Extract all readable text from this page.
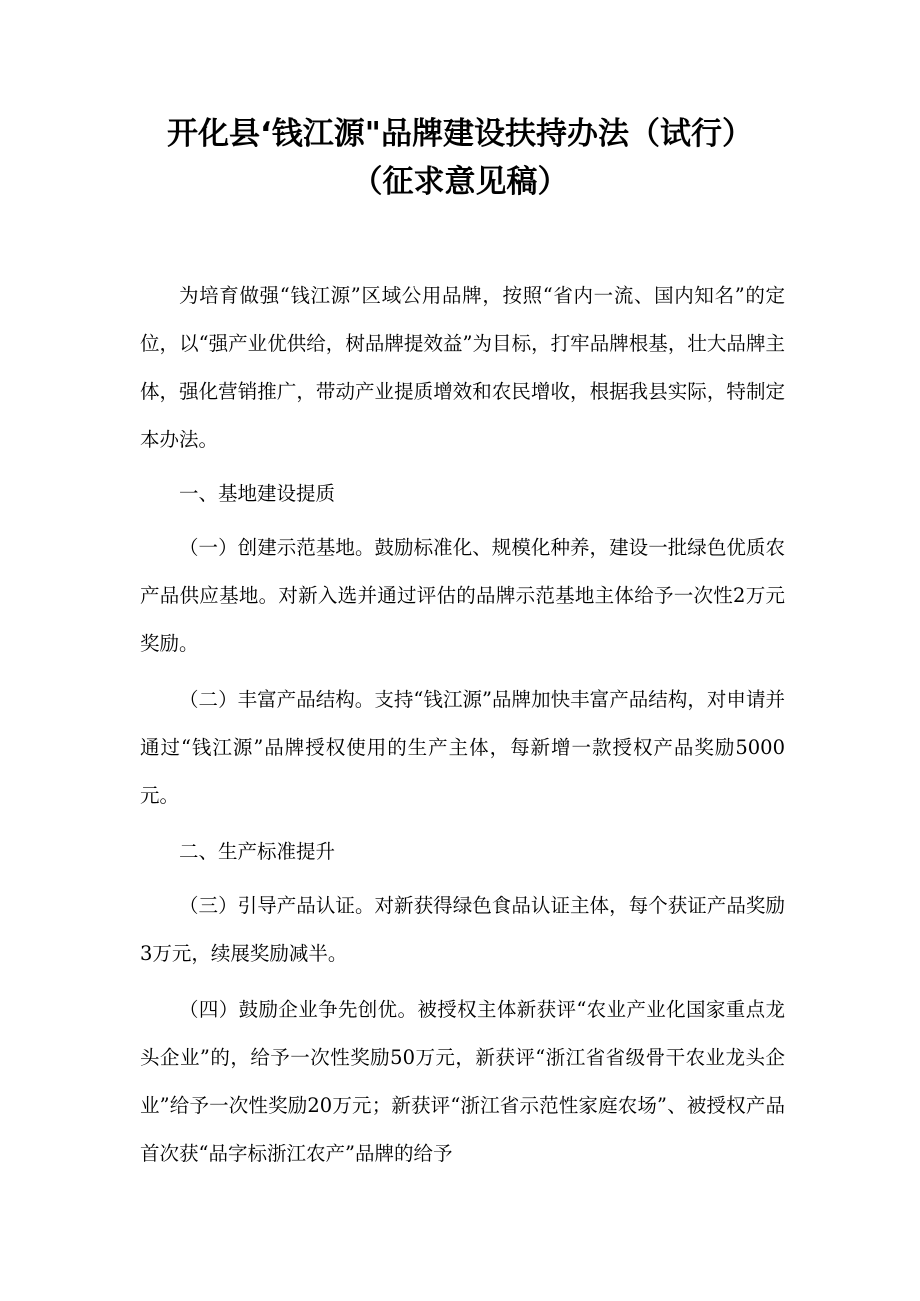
开化县‘钱江源"品牌建设扶持办法（试行）
（征求意见稿）

为培育做强“钱江源”区域公用品牌，按照“省内一流、国内知名”的定位，以“强产业优供给，树品牌提效益”为目标，打牢品牌根基，壮大品牌主体，强化营销推广，带动产业提质增效和农民增收，根据我县实际，特制定本办法。

一、基地建设提质

（一）创建示范基地。鼓励标准化、规模化种养，建设一批绿色优质农产品供应基地。对新入选并通过评估的品牌示范基地主体给予一次性2万元奖励。

（二）丰富产品结构。支持“钱江源”品牌加快丰富产品结构，对申请并通过“钱江源”品牌授权使用的生产主体，每新增一款授权产品奖励5000元。

二、生产标准提升

（三）引导产品认证。对新获得绿色食品认证主体，每个获证产品奖励3万元，续展奖励减半。

（四）鼓励企业争先创优。被授权主体新获评“农业产业化国家重点龙头企业”的，给予一次性奖励50万元，新获评“浙江省省级骨干农业龙头企业”给予一次性奖励20万元；新获评“浙江省示范性家庭农场”、被授权产品首次获“品字标浙江农产”品牌的给予
